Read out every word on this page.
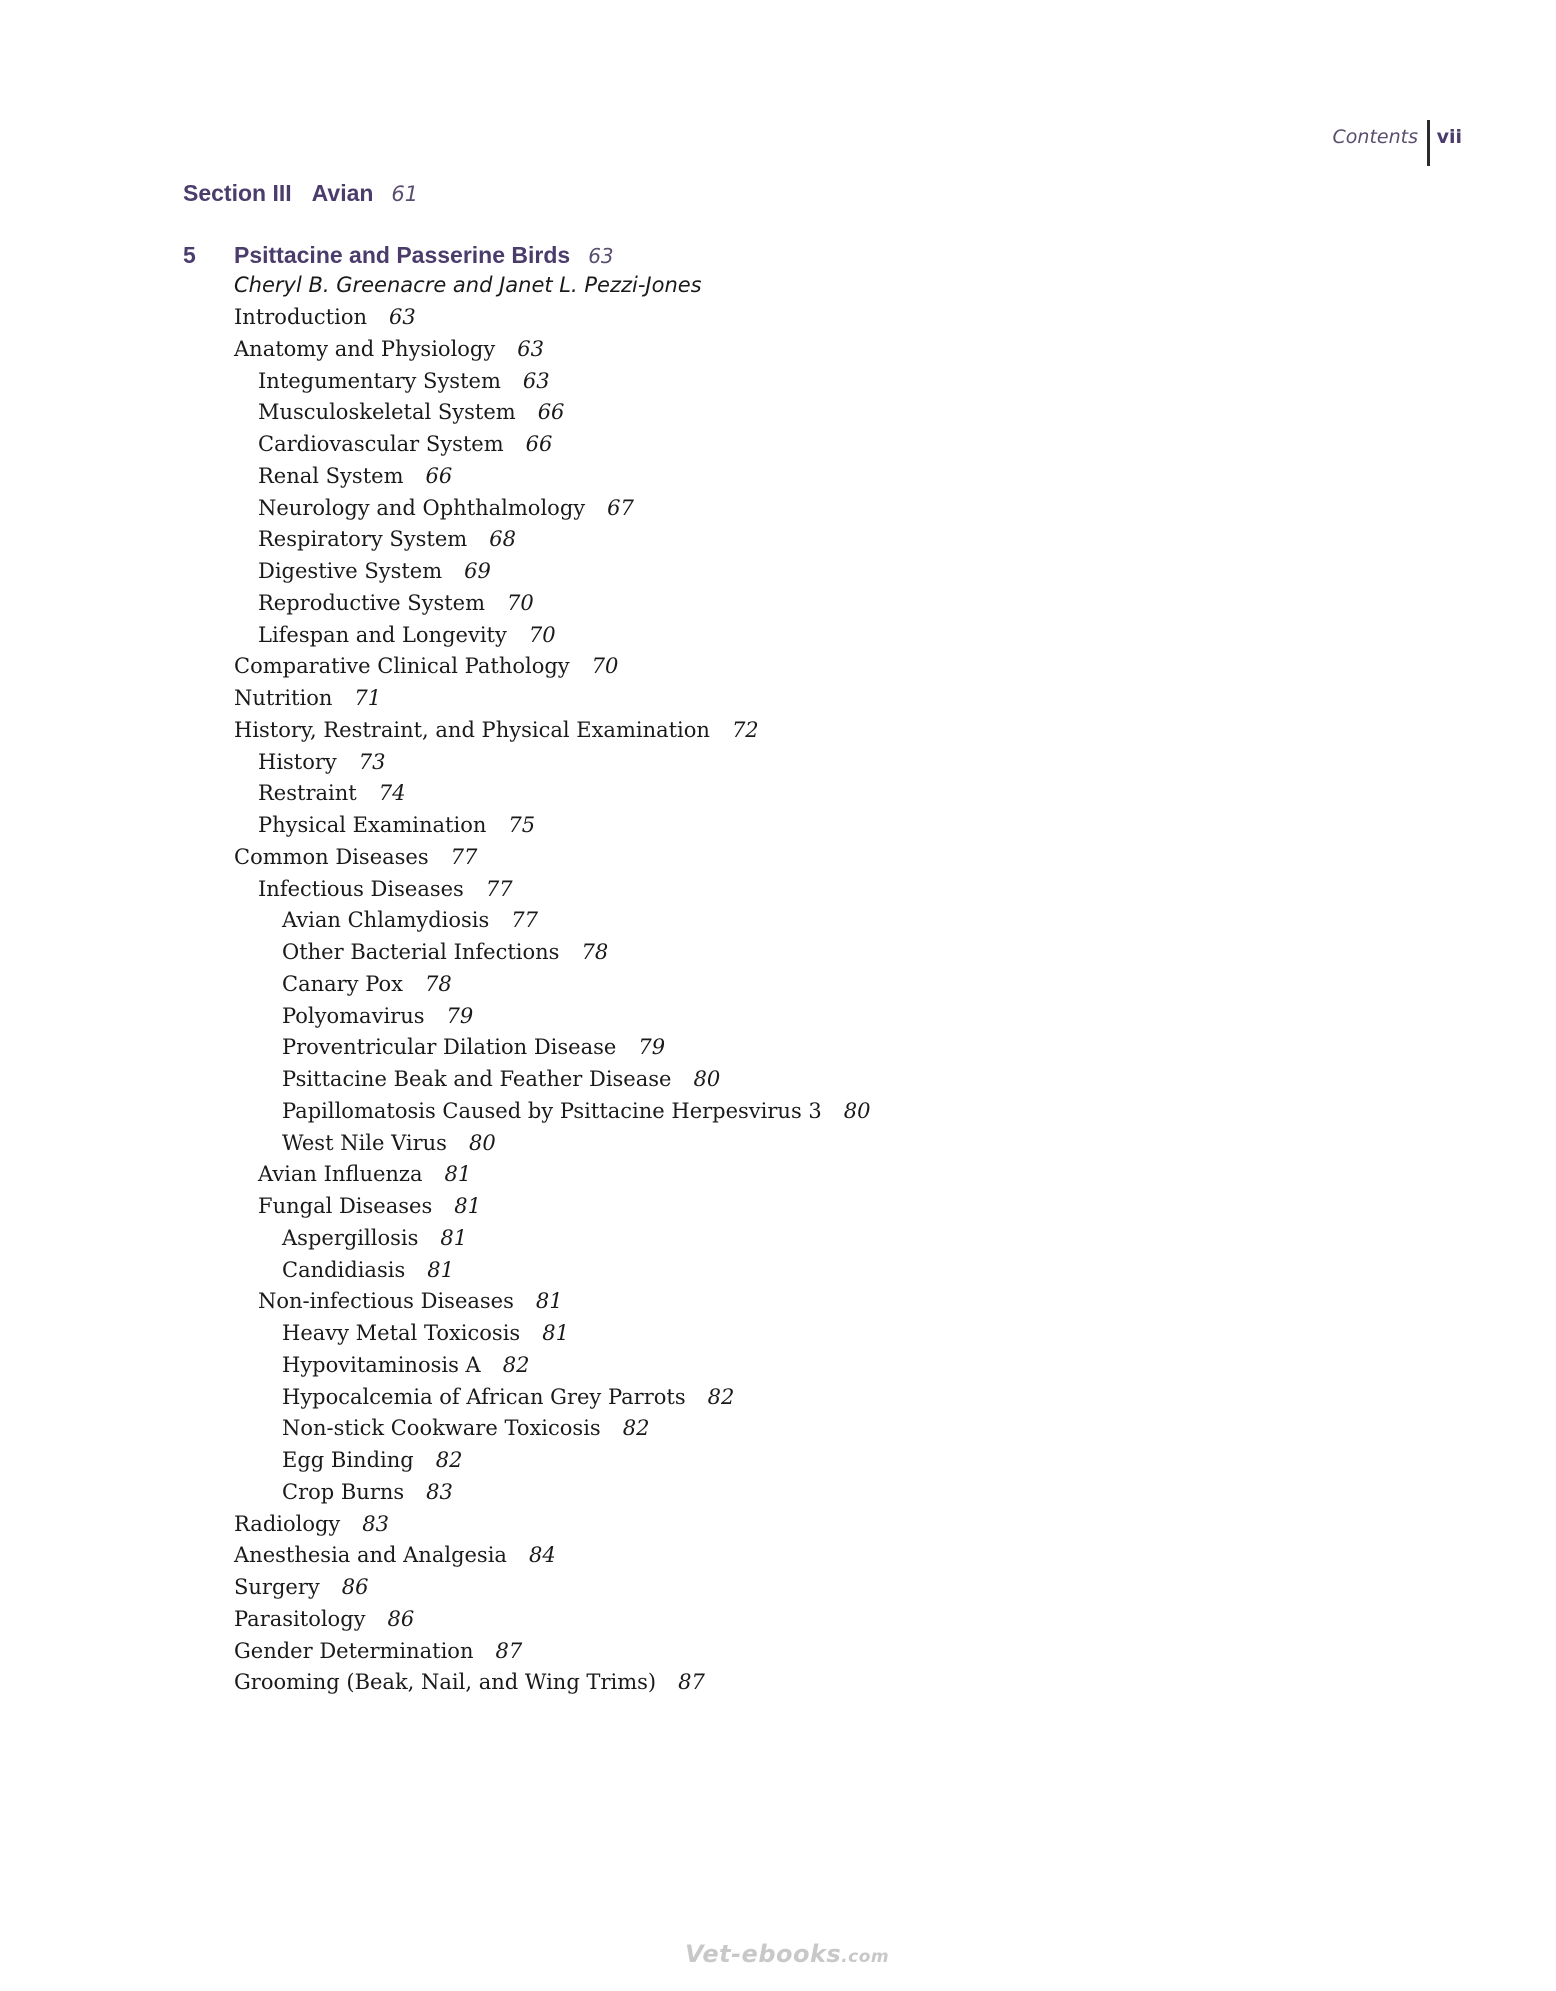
Contents vii
Section III Avian 61
5 Psittacine and Passerine Birds 63
Cheryl B. Greenacre and Janet L. Pezzi-Jones
Introduction 63
Anatomy and Physiology 63
Integumentary System 63
Musculoskeletal System 66
Cardiovascular System 66
Renal System 66
Neurology and Ophthalmology 67
Respiratory System 68
Digestive System 69
Reproductive System 70
Lifespan and Longevity 70
Comparative Clinical Pathology 70
Nutrition 71
History, Restraint, and Physical Examination 72
History 73
Restraint 74
Physical Examination 75
Common Diseases 77
Infectious Diseases 77
Avian Chlamydiosis 77
Other Bacterial Infections 78
Canary Pox 78
Polyomavirus 79
Proventricular Dilation Disease 79
Psittacine Beak and Feather Disease 80
Papillomatosis Caused by Psittacine Herpesvirus 3 80
West Nile Virus 80
Avian Influenza 81
Fungal Diseases 81
Aspergillosis 81
Candidiasis 81
Non-infectious Diseases 81
Heavy Metal Toxicosis 81
Hypovitaminosis A 82
Hypocalcemia of African Grey Parrots 82
Non-stick Cookware Toxicosis 82
Egg Binding 82
Crop Burns 83
Radiology 83
Anesthesia and Analgesia 84
Surgery 86
Parasitology 86
Gender Determination 87
Grooming (Beak, Nail, and Wing Trims) 87
Vet-ebooks.com
